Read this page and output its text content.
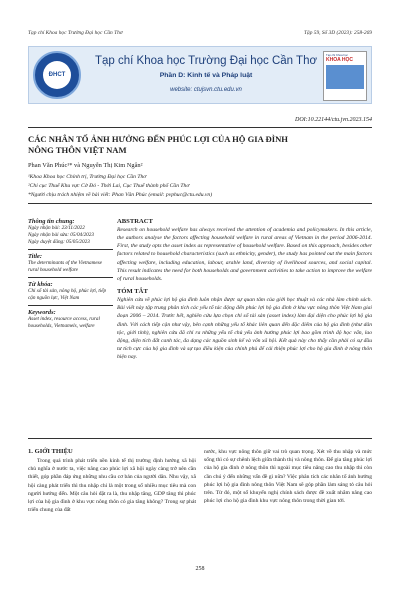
Tạp chí Khoa học Trường Đại học Cần Thơ	Tập 59, Số 3D (2023): 258-269
ĐHCT
Tạp chí Khoa học Trường Đại học Cần Thơ
Phần D: Kinh tế và Pháp luật
website: ctujsvn.ctu.edu.vn
Tạp chí Khoa học
KHOA HỌC
DOI:10.22144/ctu.jvn.2023.154
CÁC NHÂN TỐ ẢNH HƯỞNG ĐẾN PHÚC LỢI CỦA HỘ GIA ĐÌNH
NÔNG THÔN VIỆT NAM
Phan Văn Phúc¹* và Nguyễn Thị Kim Ngân²
¹Khoa Khoa học Chính trị, Trường Đại học Cần Thơ
²Chi cục Thuế Khu vực Cờ Đỏ - Thới Lai, Cục Thuế thành phố Cần Thơ
*Người chịu trách nhiệm về bài viết: Phan Văn Phúc (email: pvphuc@ctu.edu.vn)
Thông tin chung:
Ngày nhận bài: 23/11/2022
Ngày nhận bài sửa: 05/04/2023
Ngày duyệt đăng: 05/05/2023
Title:
The determinants of the Vietnamese rural household welfare
Từ khóa:
Chi số tài sản, nông hộ, phúc lợi, tiếp cận nguồn lực, Việt Nam
Keywords:
Asset index, resource access, rural households, Vietnamels, welfare
ABSTRACT
Research on household welfare has always received the attention of academia and policymakers. In this article, the authors analyse the factors affecting household welfare in rural areas of Vietnam in the period 2006-2014. First, the study opts the asset index as representative of household welfare. Based on this approach, besides other factors related to household characteristics (such as ethnicity, gender), the study has pointed out the main factors affecting welfare, including education, labour, arable land, diversity of livelihood sources, and social capital. This result indicates the need for both households and government activities to take action to improve the welfare of rural households.
TÓM TẮT
Nghiên cứu về phúc lợi hộ gia đình luôn nhận được sự quan tâm của giới học thuật và các nhà làm chính sách. Bài viết này tập trung phân tích các yếu tố tác động đến phúc lợi hộ gia đình ở khu vực nông thôn Việt Nam giai đoạn 2006 – 2014. Trước hết, nghiên cứu lựa chọn chỉ số tài sản (asset index) làm đại diện cho phúc lợi hộ gia đình. Với cách tiếp cận như vậy, bên cạnh những yếu tố khác liên quan đến đặc điểm của hộ gia đình (như dân tộc, giới tính), nghiên cứu đã chỉ ra những yếu tố chủ yếu ảnh hưởng phúc lợi bao gồm trình độ học vấn, lao động, diện tích đất canh tác, đa dạng các nguồn sinh kế và vốn xã hội. Kết quả này cho thấy cần phải có sự đầu tư tích cực của hộ gia đình và sự tạo điều kiện của chính phủ để cải thiện phúc lợi cho hộ gia đình ở nông thôn hiện nay.
1. GIỚI THIỆU
Trong quá trình phát triển nền kinh tế thị trường định hướng xã hội chủ nghĩa ở nước ta, việc nâng cao phúc lợi xã hội ngày càng trở nên cần thiết, góp phần đáp ứng những nhu cầu cơ bản của người dân. Nhu vậy, xã hội càng phát triển thì thu nhập chi là một trong số nhiều mục tiêu mà con người hướng đến. Một câu hỏi đặt ra là, thu nhập tăng, GDP tăng thì phúc lợi của hộ gia đình ở khu vực nông thôn có gia tăng không? Trong sự phát triển chung của đất
nước, khu vực nông thôn giữ vai trò quan trọng. Xét về thu nhập và mức sống thì có sự chênh lệch giữa thành thị và nông thôn. Để gia tăng phúc lợi của hộ gia đình ở nông thôn thì ngoài mục tiêu nâng cao thu nhập thì còn cần chú ý đến những vấn đề gì nữa? Việc phân tích các nhân tố ảnh hưởng phúc lợi hộ gia đình nông thôn Việt Nam sẽ góp phần làm sáng tỏ câu hỏi trên. Từ đó, một số khuyến nghị chính sách được đề xuất nhằm nâng cao phúc lợi cho hộ gia đình khu vực nông thôn trong thời gian tới.
258
